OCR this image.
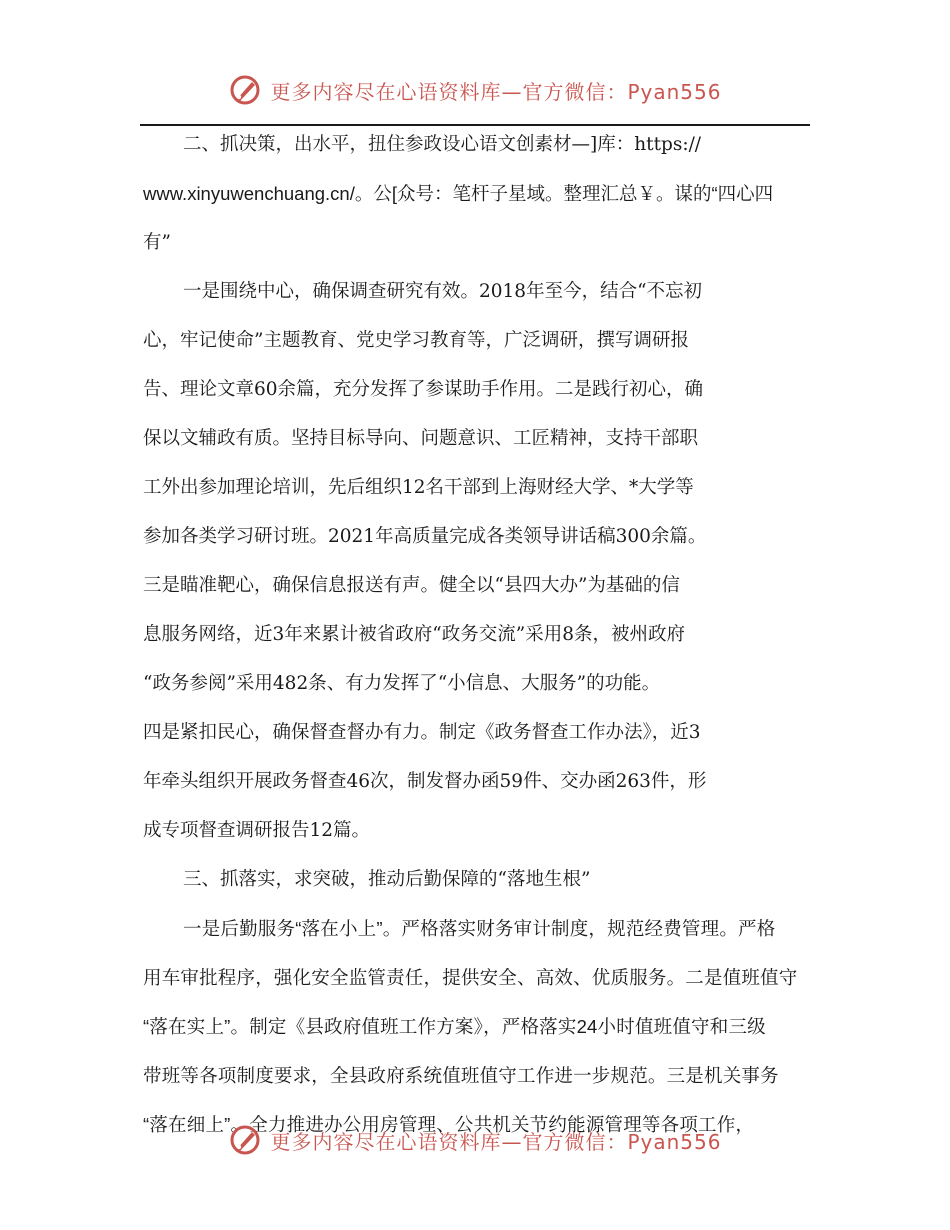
更多内容尽在心语资料库—官方微信：Pyan556
二、抓决策，出水平，扭住参政设心语文创素材—]库：https://
www.xinyuwenchuang.cn/。公[众号：笔杆子星域。整理汇总￥。谋的“四心四
有”
一是围绕中心，确保调查研究有效。2018年至今，结合“不忘初
心，牢记使命”主题教育、党史学习教育等，广泛调研，撰写调研报
告、理论文章60余篇，充分发挥了参谋助手作用。二是践行初心，确
保以文辅政有质。坚持目标导向、问题意识、工匠精神，支持干部职
工外出参加理论培训，先后组织12名干部到上海财经大学、*大学等
参加各类学习研讨班。2021年高质量完成各类领导讲话稿300余篇。
三是瞄准靶心，确保信息报送有声。健全以“县四大办”为基础的信
息服务网络，近3年来累计被省政府“政务交流”采用8条，被州政府
“政务参阅”采用482条、有力发挥了“小信息、大服务”的功能。
四是紧扣民心，确保督查督办有力。制定《政务督查工作办法》，近3
年牵头组织开展政务督查46次，制发督办函59件、交办函263件，形
成专项督查调研报告12篇。
三、抓落实，求突破，推动后勤保障的“落地生根”
一是后勤服务“落在小上”。严格落实财务审计制度，规范经费管理。严格
用车审批程序，强化安全监管责任，提供安全、高效、优质服务。二是值班值守
“落在实上”。制定《县政府值班工作方案》，严格落实24小时值班值守和三级
带班等各项制度要求，全县政府系统值班值守工作进一步规范。三是机关事务
“落在细上”。全力推进办公用房管理、公共机关节约能源管理等各项工作，
更多内容尽在心语资料库—官方微信：Pyan556
